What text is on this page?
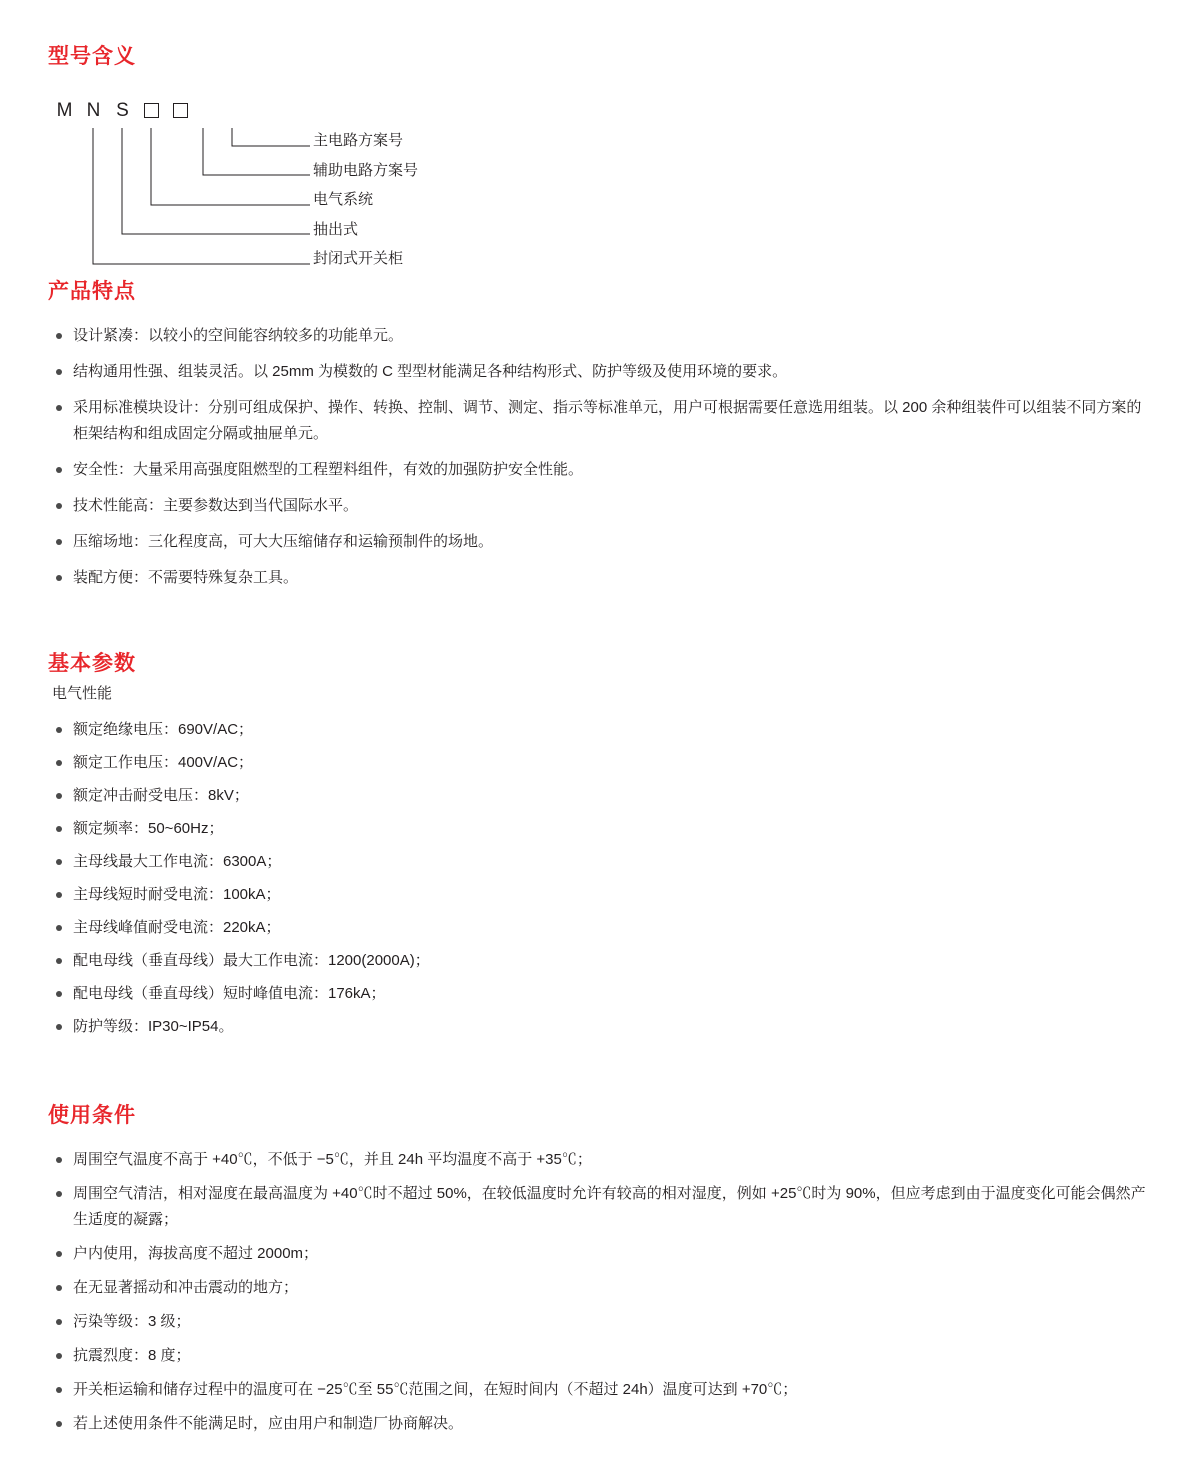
型号含义
M N S
主电路方案号
辅助电路方案号
电气系统
抽出式
封闭式开关柜
产品特点
设计紧凑：以较小的空间能容纳较多的功能单元。
结构通用性强、组装灵活。以 25mm 为模数的 C 型型材能满足各种结构形式、防护等级及使用环境的要求。
采用标准模块设计：分别可组成保护、操作、转换、控制、调节、测定、指示等标准单元，用户可根据需要任意选用组装。以 200 余种组装件可以组装不同方案的柜架结构和组成固定分隔或抽屉单元。
安全性：大量采用高强度阻燃型的工程塑料组件，有效的加强防护安全性能。
技术性能高：主要参数达到当代国际水平。
压缩场地：三化程度高，可大大压缩储存和运输预制件的场地。
装配方便：不需要特殊复杂工具。
基本参数
电气性能
额定绝缘电压：690V/AC；
额定工作电压：400V/AC；
额定冲击耐受电压：8kV；
额定频率：50~60Hz；
主母线最大工作电流：6300A；
主母线短时耐受电流：100kA；
主母线峰值耐受电流：220kA；
配电母线（垂直母线）最大工作电流：1200(2000A)；
配电母线（垂直母线）短时峰值电流：176kA；
防护等级：IP30~IP54。
使用条件
周围空气温度不高于 +40℃，不低于 −5℃，并且 24h 平均温度不高于 +35℃；
周围空气清洁，相对湿度在最高温度为 +40℃时不超过 50%，在较低温度时允许有较高的相对湿度，例如 +25℃时为 90%，但应考虑到由于温度变化可能会偶然产生适度的凝露；
户内使用，海拔高度不超过 2000m；
在无显著摇动和冲击震动的地方；
污染等级：3 级；
抗震烈度：8 度；
开关柜运输和储存过程中的温度可在 −25℃至 55℃范围之间，在短时间内（不超过 24h）温度可达到 +70℃；
若上述使用条件不能满足时，应由用户和制造厂协商解决。
